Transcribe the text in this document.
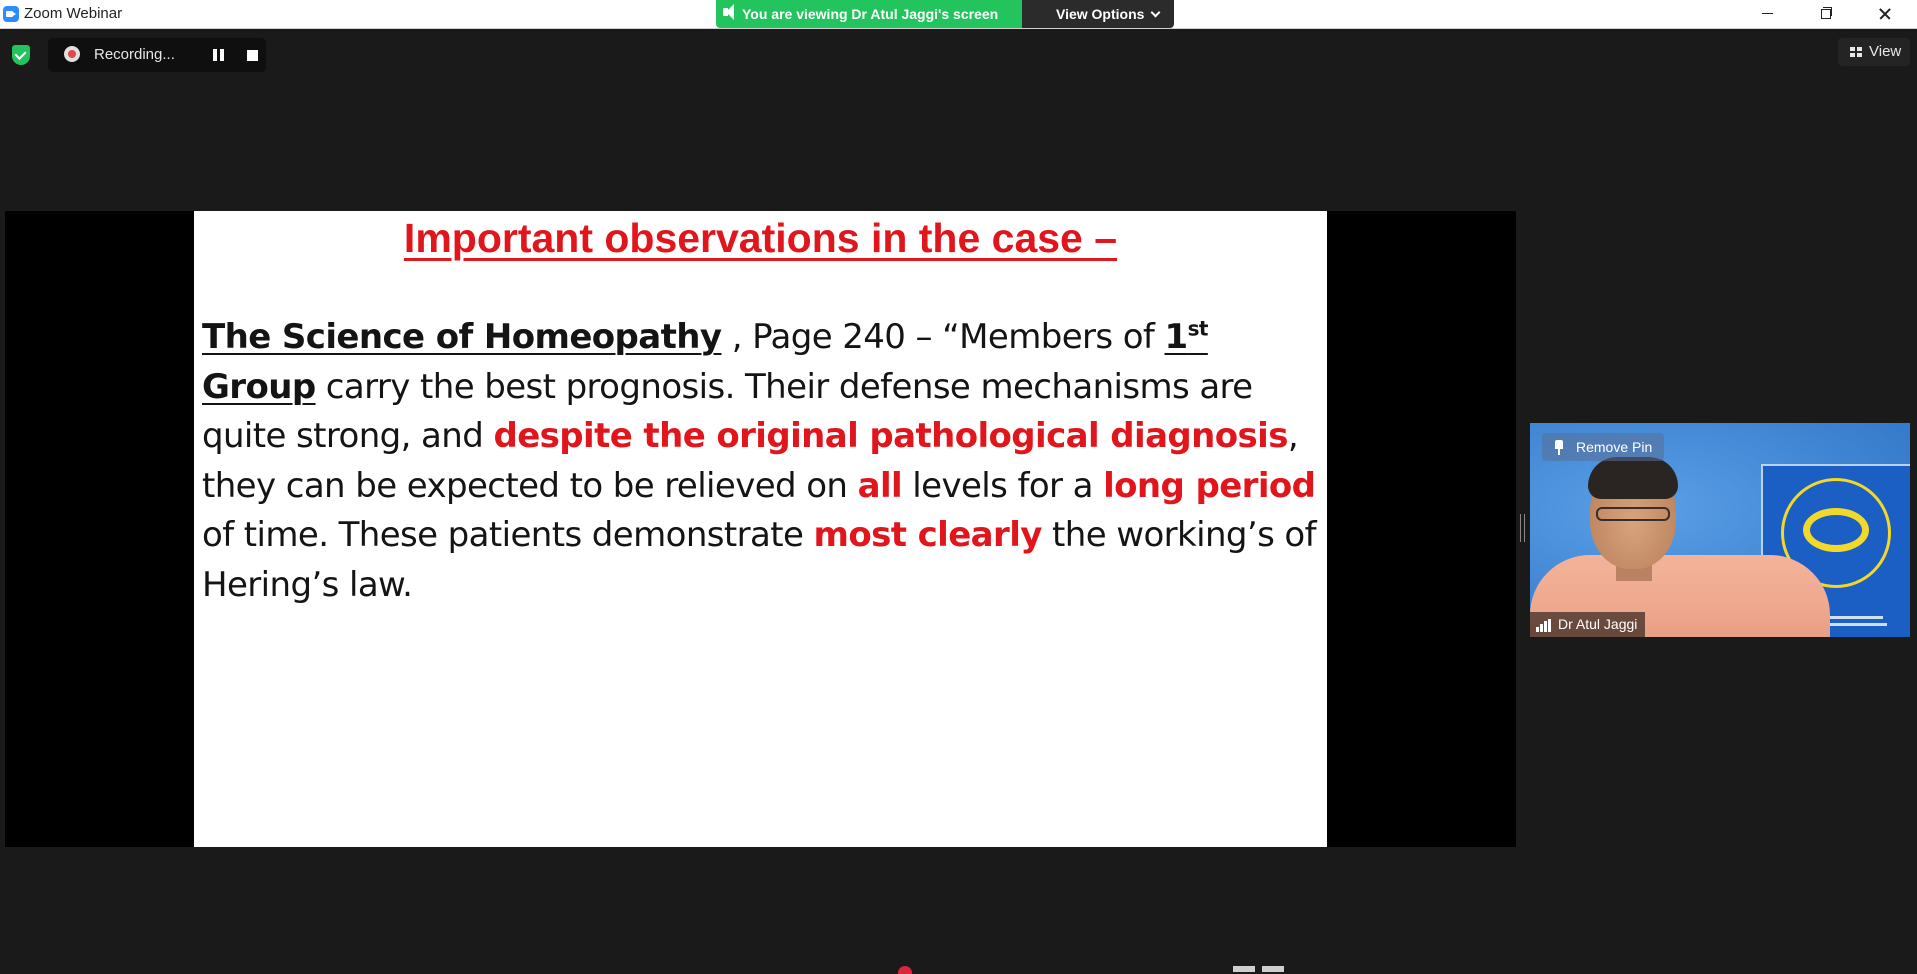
Zoom Webinar	You are viewing Dr Atul Jaggi's screen	View Options
Recording...	View
Important observations in the case –
The Science of Homeopathy , Page 240 – “Members of 1st Group carry the best prognosis. Their defense mechanisms are quite strong, and despite the original pathological diagnosis, they can be expected to be relieved on all levels for a long period of time. These patients demonstrate most clearly the working’s of Hering’s law.
Remove Pin
Dr Atul Jaggi
